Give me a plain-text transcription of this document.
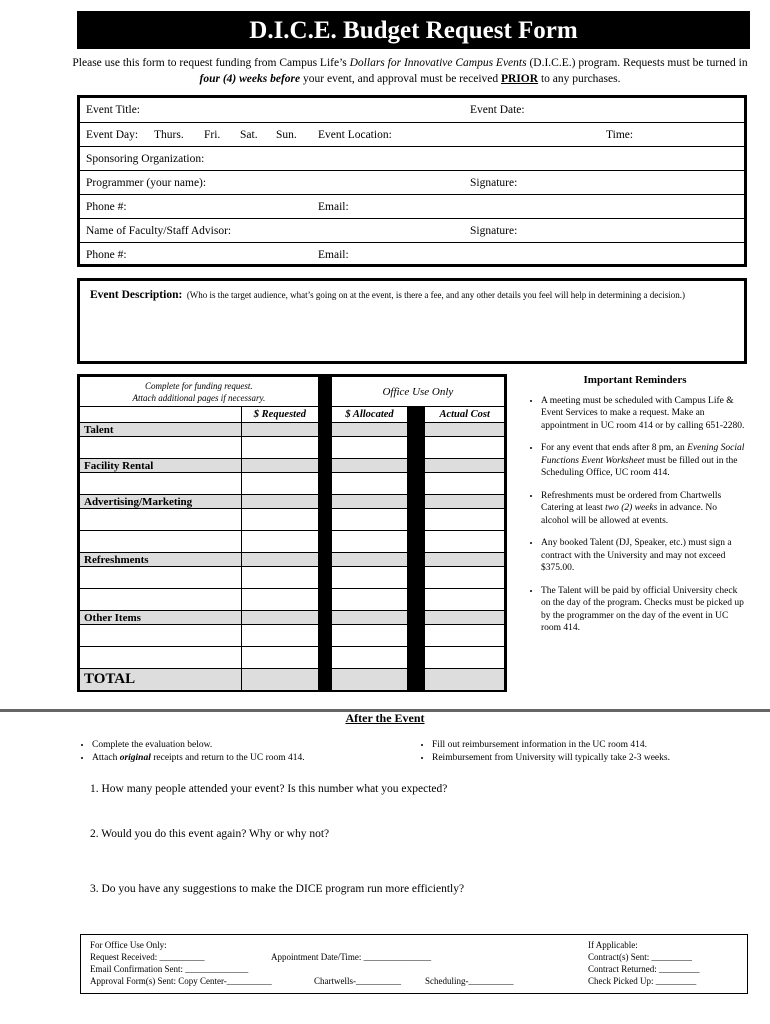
D.I.C.E. Budget Request Form
Please use this form to request funding from Campus Life’s Dollars for Innovative Campus Events (D.I.C.E.) program. Requests must be turned in four (4) weeks before your event, and approval must be received PRIOR to any purchases.
Event Title:	Event Date:
Event Day: Thurs. Fri. Sat. Sun. Event Location:	Time:
Sponsoring Organization:
Programmer (your name):	Signature:
Phone #:	Email:
Name of Faculty/Staff Advisor:	Signature:
Phone #:	Email:
Event Description: (Who is the target audience, what’s going on at the event, is there a fee, and any other details you feel will help in determining a decision.)
Complete for funding request.
Attach additional pages if necessary.			Office Use Only		
	$ Requested		$ Allocated		Actual Cost
Talent					

Facility Rental					

Advertising/Marketing					

Refreshments					

Other Items					

TOTAL					
Important Reminders
• A meeting must be scheduled with Campus Life & Event Services to make a request. Make an appointment in UC room 414 or by calling 651-2280.
• For any event that ends after 8 pm, an Evening Social Functions Event Worksheet must be filled out in the Scheduling Office, UC room 414.
• Refreshments must be ordered from Chartwells Catering at least two (2) weeks in advance. No alcohol will be allowed at events.
• Any booked Talent (DJ, Speaker, etc.) must sign a contract with the University and may not exceed $375.00.
• The Talent will be paid by official University check on the day of the program. Checks must be picked up by the programmer on the day of the event in UC room 414.
After the Event
• Complete the evaluation below.
• Attach original receipts and return to the UC room 414.
• Fill out reimbursement information in the UC room 414.
• Reimbursement from University will typically take 2-3 weeks.
1. How many people attended your event? Is this number what you expected?
2. Would you do this event again? Why or why not?
3. Do you have any suggestions to make the DICE program run more efficiently?
For Office Use Only:
Request Received: __________	Appointment Date/Time: _______________
Email Confirmation Sent: ______________
Approval Form(s) Sent: Copy Center-__________	Chartwells-__________	Scheduling-__________
If Applicable:
Contract(s) Sent: _________
Contract Returned: _________
Check Picked Up: _________
